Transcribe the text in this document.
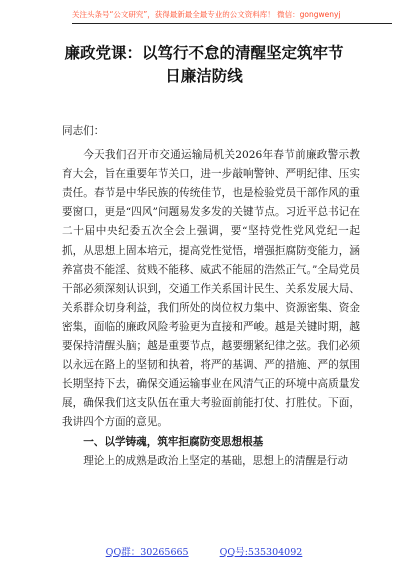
关注头条号“公文研究”，获得最新最全最专业的公文资料库！ 微信：gongwenyj
廉政党课：以笃行不怠的清醒坚定筑牢节
日廉洁防线

同志们：

今天我们召开市交通运输局机关2026年春节前廉政警示教育大会，旨在重要年节关口，进一步敲响警钟、严明纪律、压实责任。春节是中华民族的传统佳节，也是检验党员干部作风的重要窗口，更是“四风”问题易发多发的关键节点。习近平总书记在二十届中央纪委五次全会上强调，要“坚持党性党风党纪一起抓，从思想上固本培元，提高党性觉悟，增强拒腐防变能力，涵养富贵不能淫、贫贱不能移、威武不能屈的浩然正气。”全局党员干部必须深刻认识到，交通工作关系国计民生、关系发展大局、关系群众切身利益，我们所处的岗位权力集中、资源密集、资金密集，面临的廉政风险考验更为直接和严峻。越是关键时期，越要保持清醒头脑；越是重要节点，越要绷紧纪律之弦。我们必须以永远在路上的坚韧和执着，将严的基调、严的措施、严的氛围长期坚持下去，确保交通运输事业在风清气正的环境中高质量发展，确保我们这支队伍在重大考验面前能打仗、打胜仗。下面，我讲四个方面的意见。

一、以学铸魂，筑牢拒腐防变思想根基

理论上的成熟是政治上坚定的基础，思想上的清醒是行动

QQ群：30265665	QQ号:535304092
